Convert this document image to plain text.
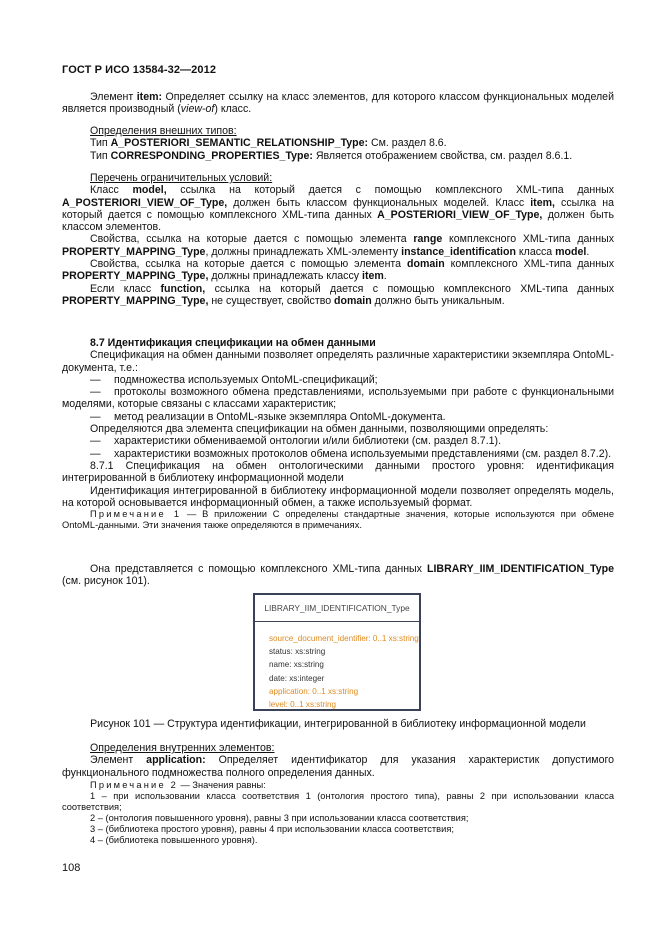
ГОСТ Р ИСО 13584-32—2012

Элемент item: Определяет ссылку на класс элементов, для которого классом функциональных моделей является производный (view-of) класс.

Определения внешних типов:

Тип A_POSTERIORI_SEMANTIC_RELATIONSHIP_Type: См. раздел 8.6.

Тип CORRESPONDING_PROPERTIES_Type: Является отображением свойства, см. раздел 8.6.1.

Перечень ограничительных условий:

Класс model, ссылка на который дается с помощью комплексного XML-типа данных A_POSTERIORI_VIEW_OF_Type, должен быть классом функциональных моделей. Класс item, ссылка на который дается с помощью комплексного XML-типа данных A_POSTERIORI_VIEW_OF_Type, должен быть классом элементов.

Свойства, ссылка на которые дается с помощью элемента range комплексного XML-типа данных PROPERTY_MAPPING_Type, должны принадлежать XML-элементу instance_identification класса model.

Свойства, ссылка на которые дается с помощью элемента domain комплексного XML-типа данных PROPERTY_MAPPING_Type, должны принадлежать классу item.

Если класс function, ссылка на который дается с помощью комплексного XML-типа данных PROPERTY_MAPPING_Type, не существует, свойство domain должно быть уникальным.

8.7 Идентификация спецификации на обмен данными

Спецификация на обмен данными позволяет определять различные характеристики экземпляра OntoML-документа, т.е.:

— подмножества используемых OntoML-спецификаций;

— протоколы возможного обмена представлениями, используемыми при работе с функциональными моделями, которые связаны с классами характеристик;

— метод реализации в OntoML-языке экземпляра OntoML-документа.

Определяются два элемента спецификации на обмен данными, позволяющими определять:

— характеристики обмениваемой онтологии и/или библиотеки (см. раздел 8.7.1).

— характеристики возможных протоколов обмена используемыми представлениями (см. раздел 8.7.2).

8.7.1 Спецификация на обмен онтологическими данными простого уровня: идентификация интегрированной в библиотеку информационной модели

Идентификация интегрированной в библиотеку информационной модели позволяет определять модель, на которой основывается информационный обмен, а также используемый формат.

Примечание 1 — В приложении С определены стандартные значения, которые используются при обмене OntoML-данными. Эти значения также определяются в примечаниях.

Она представляется с помощью комплексного XML-типа данных LIBRARY_IIM_IDENTIFICATION_Type (см. рисунок 101).

LIBRARY_IIM_IDENTIFICATION_Type
source_document_identifier: 0..1 xs:string
status: xs:string
name: xs:string
date: xs:integer
application: 0..1 xs:string
level: 0..1 xs:string
Рисунок 101 — Структура идентификации, интегрированной в библиотеку информационной модели

Определения внутренних элементов:

Элемент application: Определяет идентификатор для указания характеристик допустимого функционального подмножества полного определения данных.

Примечание 2 — Значения равны:

1 – при использовании класса соответствия 1 (онтология простого типа), равны 2 при использовании класса соответствия;

2 – (онтология повышенного уровня), равны 3 при использовании класса соответствия;

3 – (библиотека простого уровня), равны 4 при использовании класса соответствия;

4 – (библиотека повышенного уровня).

108
